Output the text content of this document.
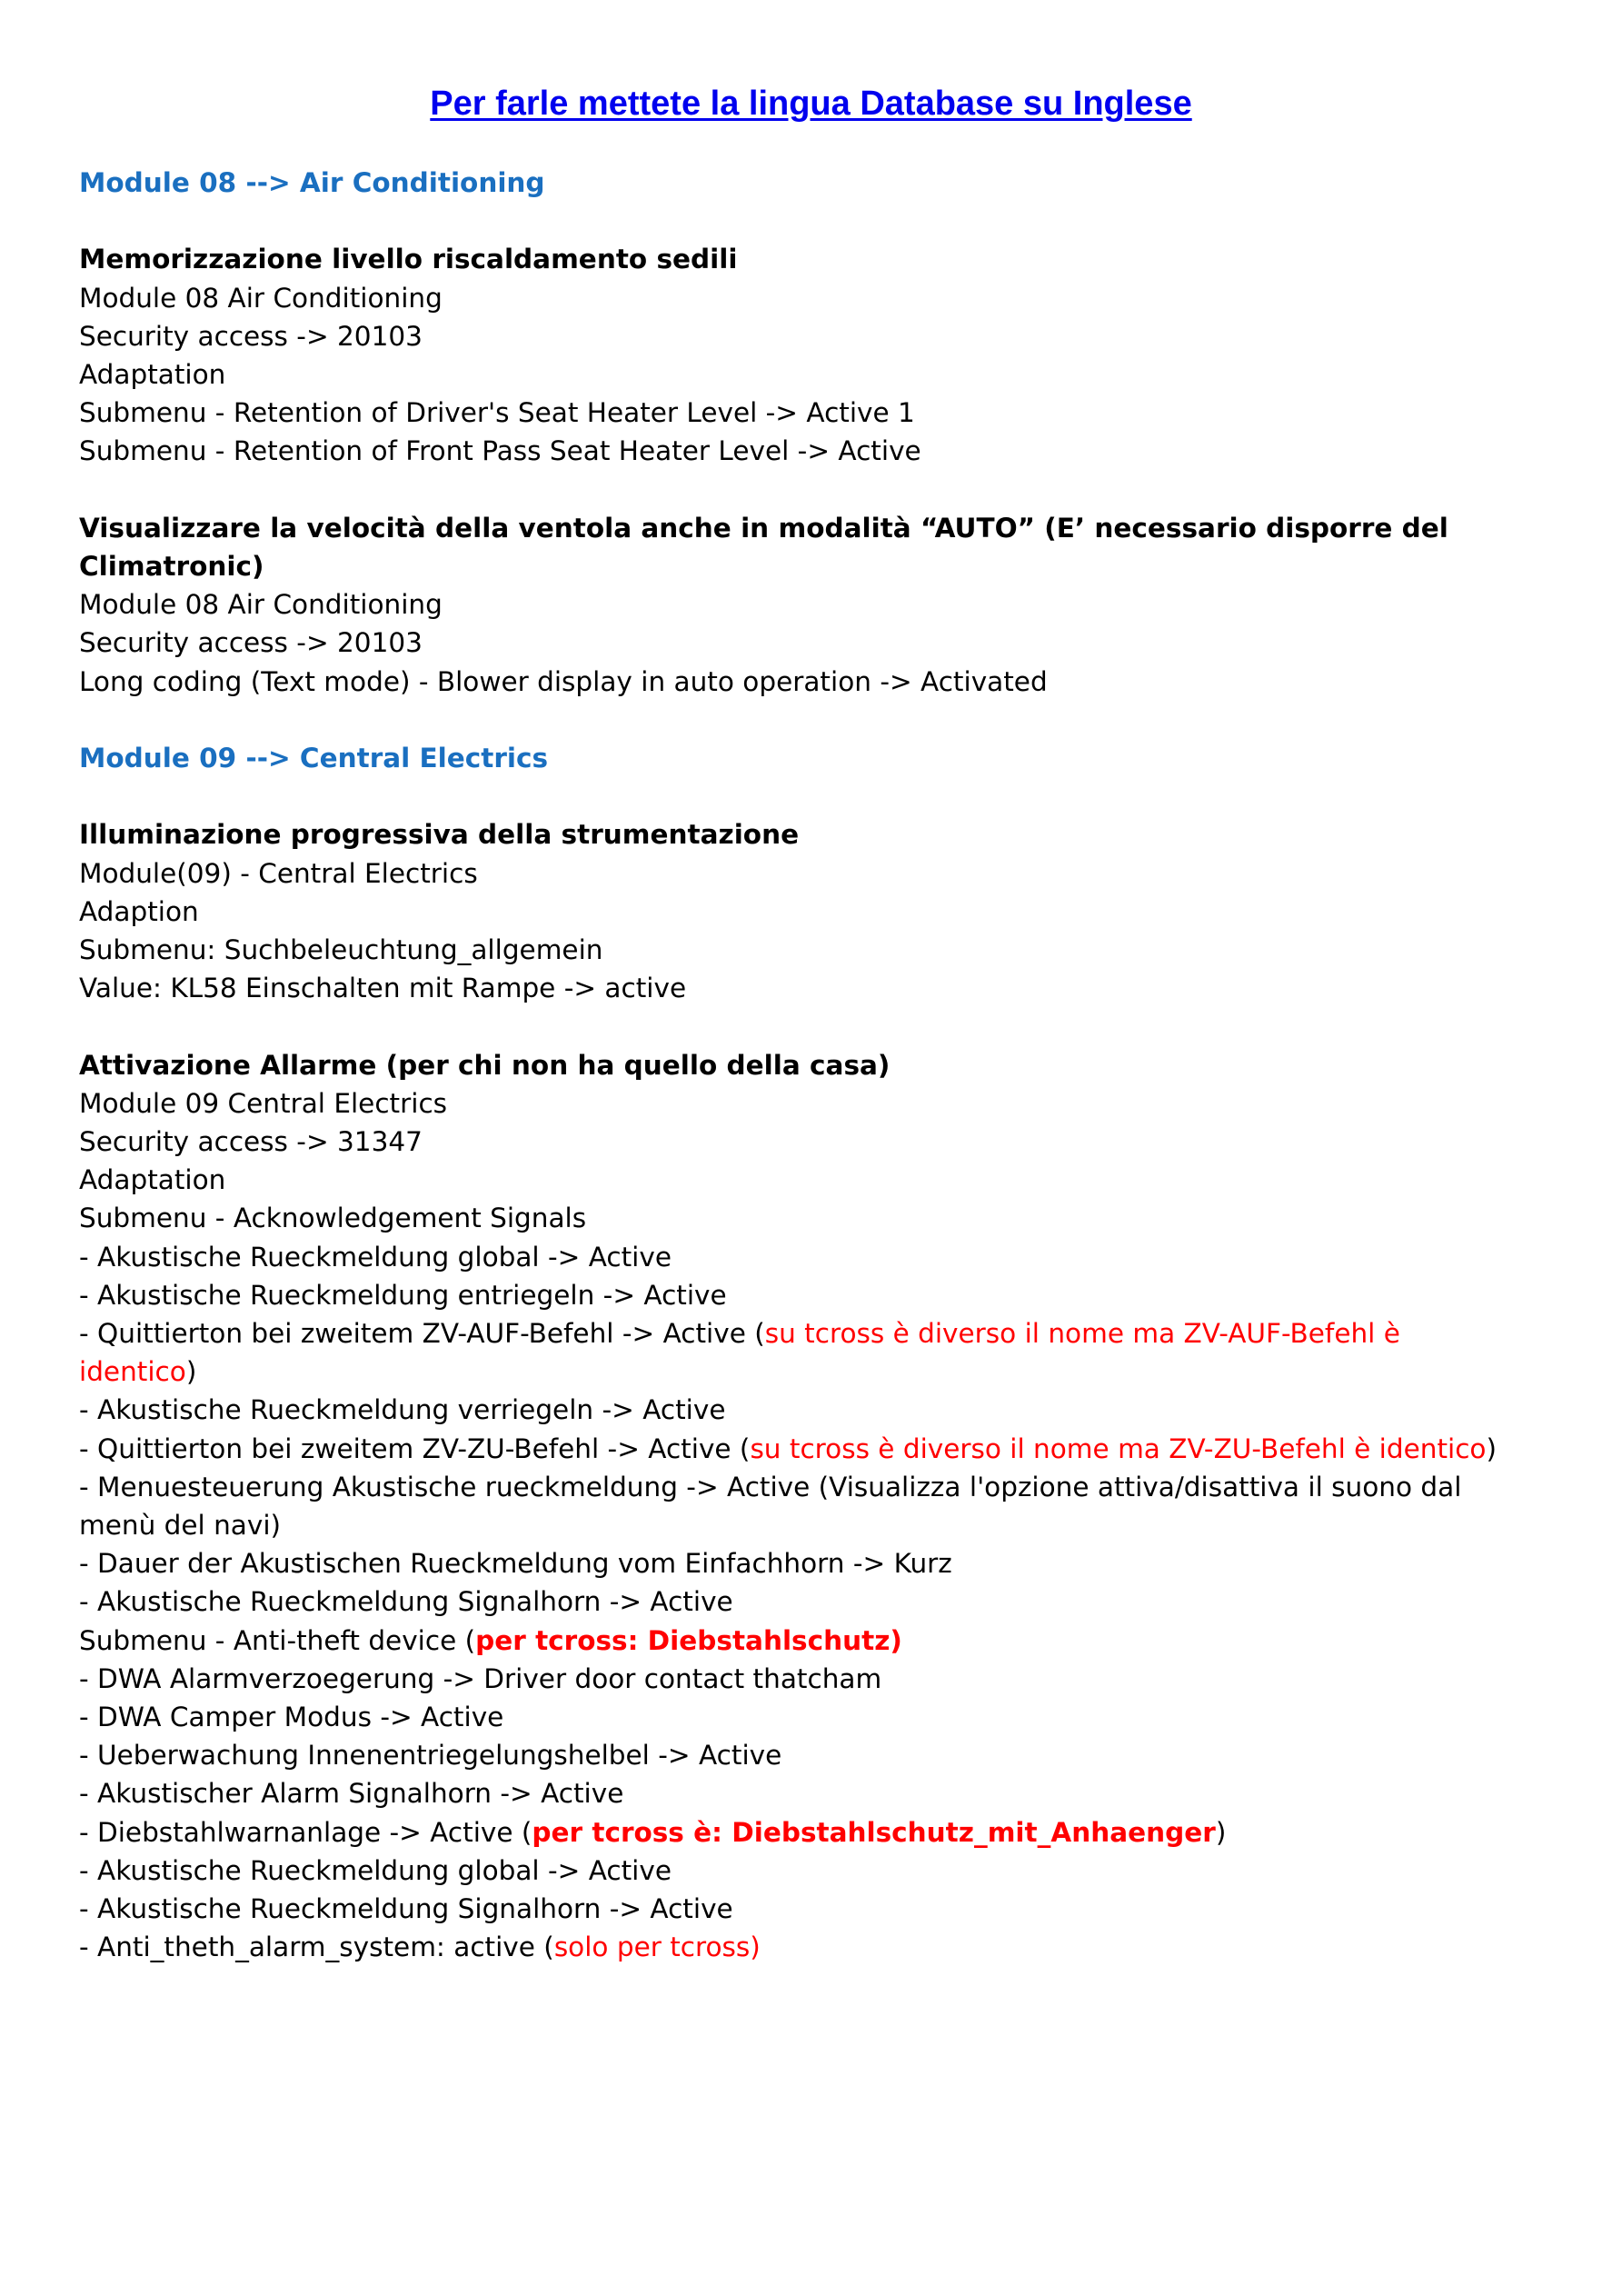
Per farle mettete la lingua Database su Inglese

Module 08 --> Air Conditioning

Memorizzazione livello riscaldamento sedili

Module 08 Air Conditioning

Security access -> 20103

Adaptation

Submenu - Retention of Driver's Seat Heater Level -> Active 1

Submenu - Retention of Front Pass Seat Heater Level -> Active

Visualizzare la velocità della ventola anche in modalità “AUTO” (E’ necessario disporre del Climatronic)

Module 08 Air Conditioning

Security access -> 20103

Long coding (Text mode) - Blower display in auto operation -> Activated

Module 09 --> Central Electrics

Illuminazione progressiva della strumentazione

Module(09) - Central Electrics

Adaption

Submenu: Suchbeleuchtung_allgemein

Value: KL58 Einschalten mit Rampe -> active

Attivazione Allarme (per chi non ha quello della casa)

Module 09 Central Electrics

Security access -> 31347

Adaptation

Submenu - Acknowledgement Signals

- Akustische Rueckmeldung global -> Active

- Akustische Rueckmeldung entriegeln -> Active

- Quittierton bei zweitem ZV-AUF-Befehl -> Active (su tcross è diverso il nome ma ZV-AUF-Befehl è identico)

- Akustische Rueckmeldung verriegeln -> Active

- Quittierton bei zweitem ZV-ZU-Befehl -> Active (su tcross è diverso il nome ma ZV-ZU-Befehl è identico)

- Menuesteuerung Akustische rueckmeldung -> Active (Visualizza l'opzione attiva/disattiva il suono dal menù del navi)

- Dauer der Akustischen Rueckmeldung vom Einfachhorn -> Kurz

- Akustische Rueckmeldung Signalhorn -> Active

Submenu - Anti-theft device (per tcross: Diebstahlschutz)

- DWA Alarmverzoegerung -> Driver door contact thatcham

- DWA Camper Modus -> Active

- Ueberwachung Innenentriegelungshelbel -> Active

- Akustischer Alarm Signalhorn -> Active

- Diebstahlwarnanlage -> Active (per tcross è: Diebstahlschutz_mit_Anhaenger)

- Akustische Rueckmeldung global -> Active

- Akustische Rueckmeldung Signalhorn -> Active

- Anti_theth_alarm_system: active (solo per tcross)
